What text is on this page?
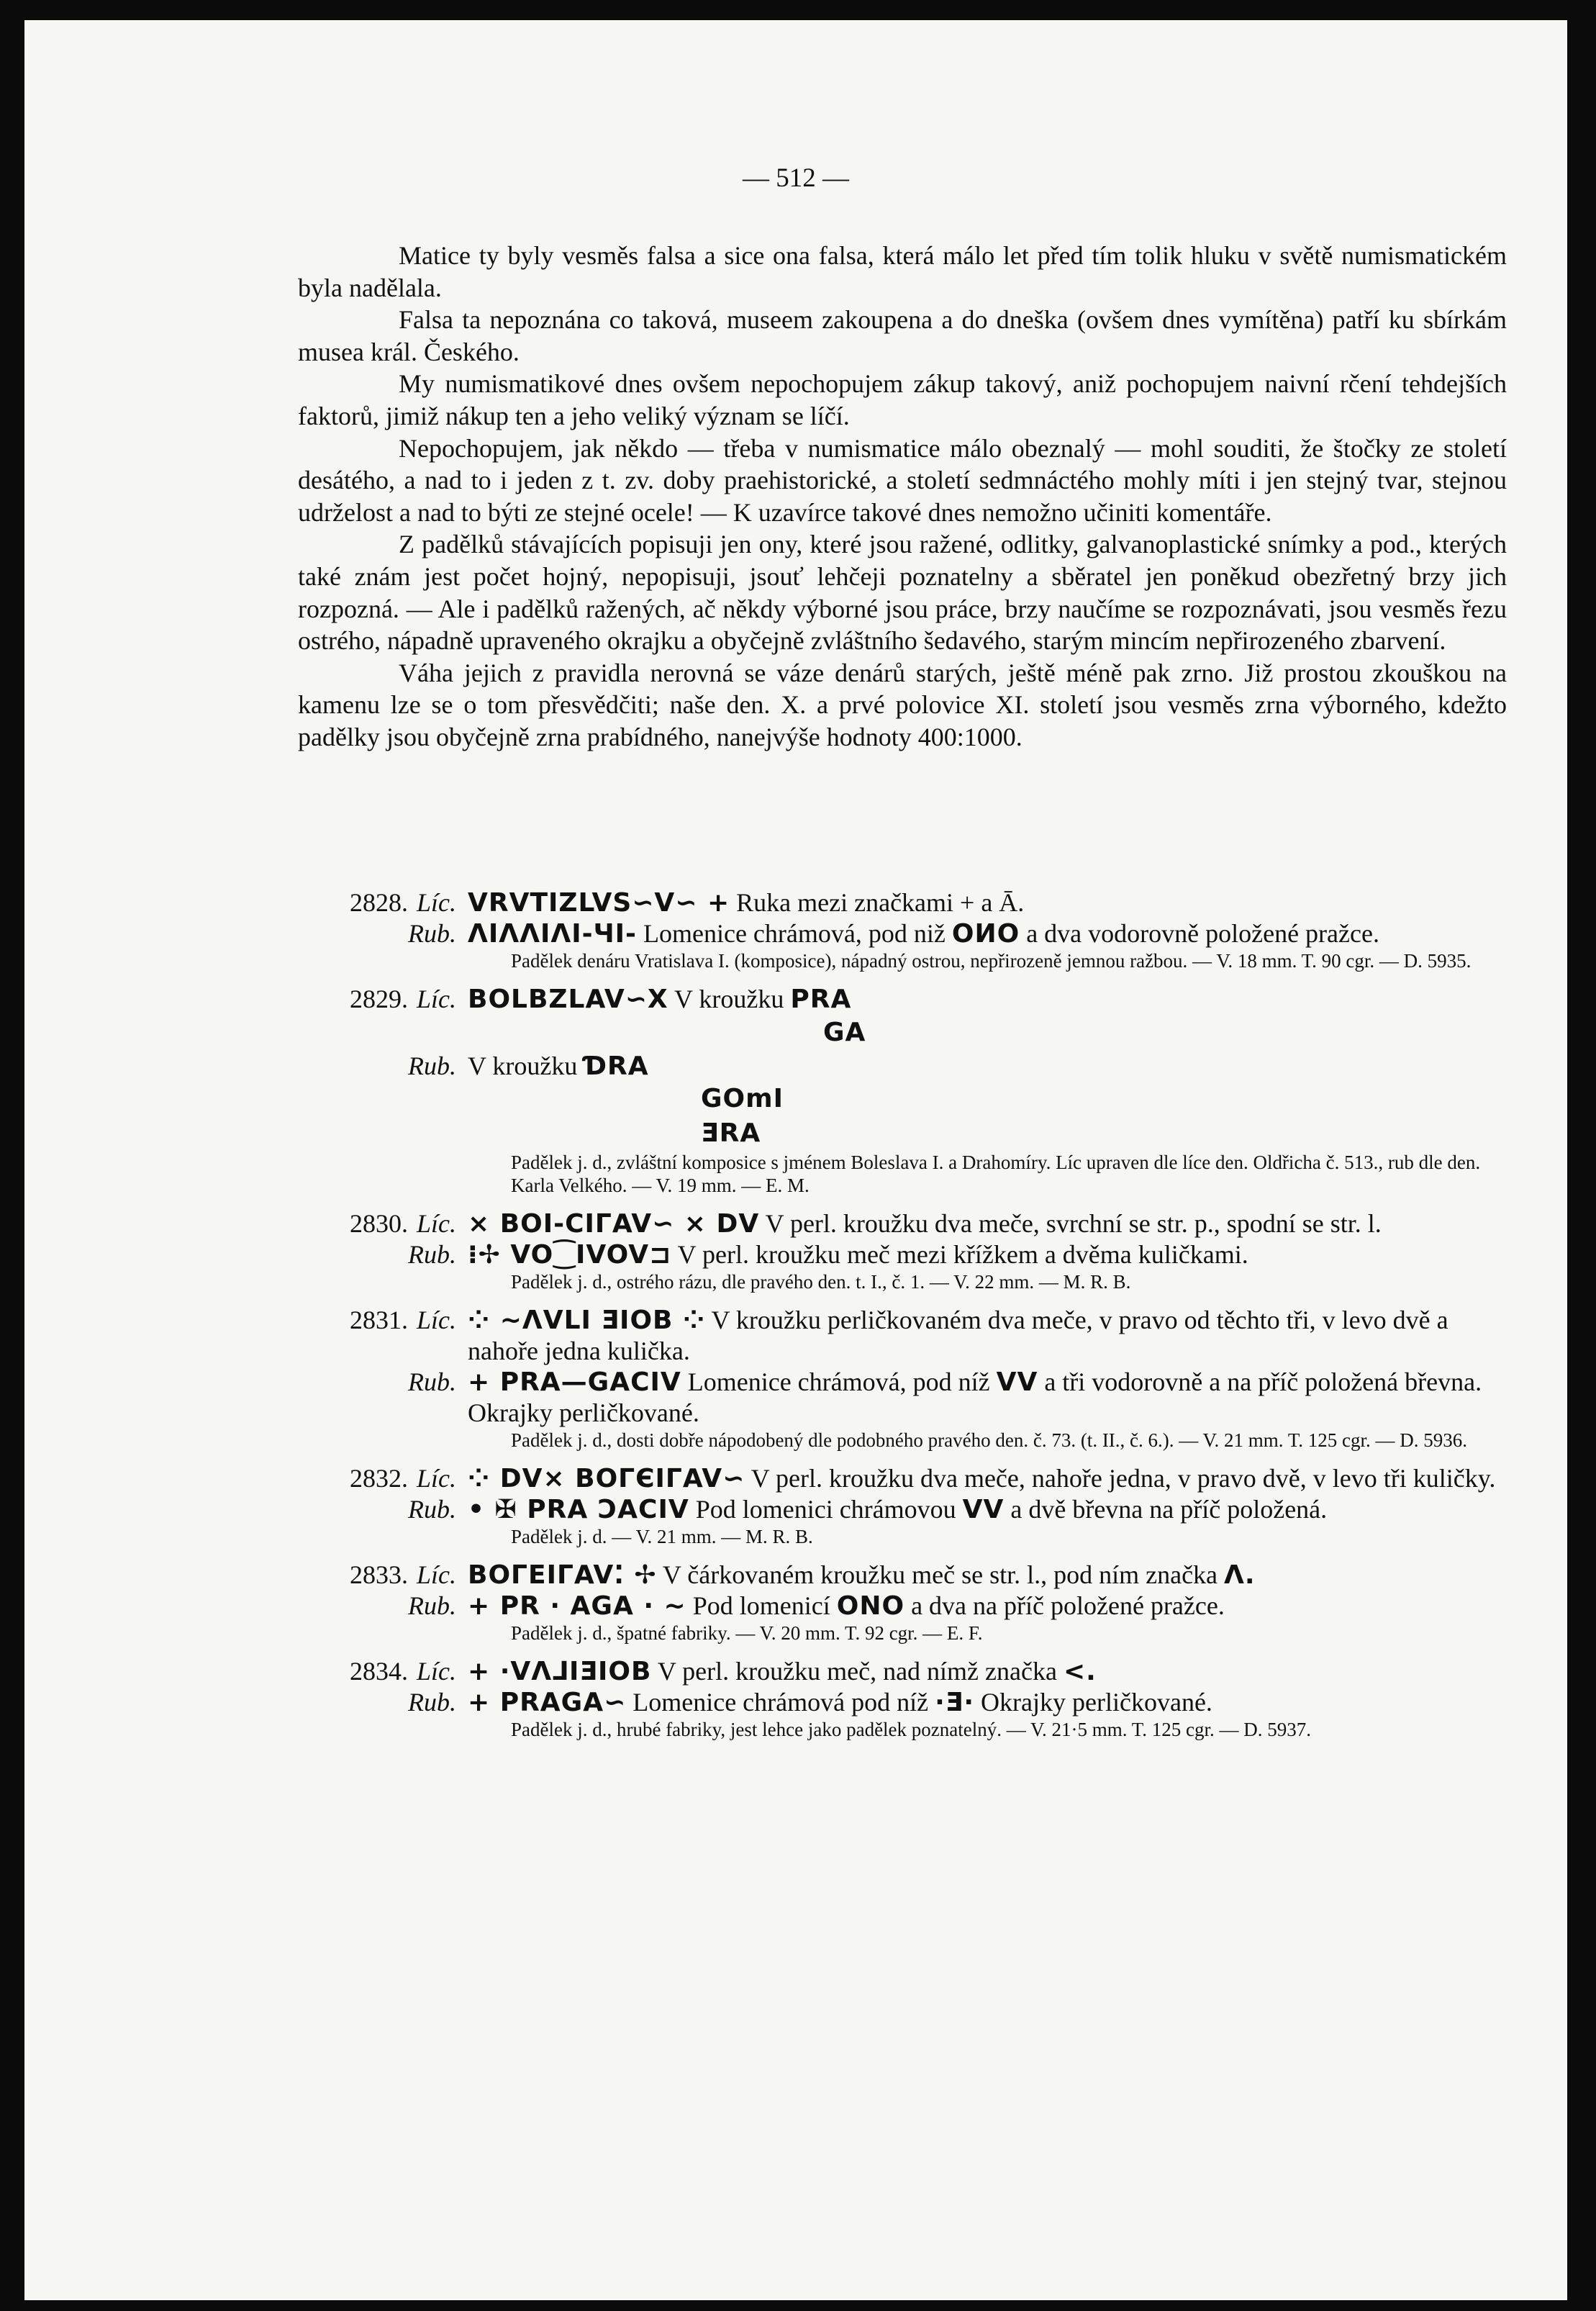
— 512 —

Matice ty byly vesměs falsa a sice ona falsa, která málo let před tím tolik hluku v světě numismatickém byla nadělala.

Falsa ta nepoznána co taková, museem zakoupena a do dneška (ovšem dnes vymítěna) patří ku sbírkám musea král. Českého.

My numismatikové dnes ovšem nepochopujem zákup takový, aniž pochopujem naivní rčení tehdejších faktorů, jimiž nákup ten a jeho veliký význam se líčí.

Nepochopujem, jak někdo — třeba v numismatice málo obeznalý — mohl souditi, že štočky ze století desátého, a nad to i jeden z t. zv. doby praehistorické, a století sedmnáctého mohly míti i jen stejný tvar, stejnou udrželost a nad to býti ze stejné ocele! — K uzavírce takové dnes nemožno učiniti komentáře.

Z padělků stávajících popisuji jen ony, které jsou ražené, odlitky, galvanoplastické snímky a pod., kterých také znám jest počet hojný, nepopisuji, jsouť lehčeji poznatelny a sběratel jen poněkud obezřetný brzy jich rozpozná. — Ale i padělků ražených, ač někdy výborné jsou práce, brzy naučíme se rozpoznávati, jsou vesměs řezu ostrého, nápadně upraveného okrajku a obyčejně zvláštního šedavého, starým mincím nepřirozeného zbarvení.

Váha jejich z pravidla nerovná se váze denárů starých, ještě méně pak zrno. Již prostou zkouškou na kamenu lze se o tom přesvědčiti; naše den. X. a prvé polovice XI. století jsou vesměs zrna výborného, kdežto padělky jsou obyčejně zrna prabídného, nanejvýše hodnoty 400:1000.

2828. Líc. VRVTIZLVS∽V∽ + Ruka mezi značkami + a Ā.
Rub. ΛIΛΛIΛΙ-ЧΙ- Lomenice chrámová, pod niž OИO a dva vodorovně položené pražce.
Padělek denáru Vratislava I. (komposice), nápadný ostrou, nepřirozeně jemnou ražbou. — V. 18 mm. T. 90 cgr. — D. 5935.
2829. Líc. BOLBZLAV∽X V kroužku PRA
GA
Rub. V kroužku ƊRA
GOmI
ƎRA
Padělek j. d., zvláštní komposice s jménem Boleslava I. a Drahomíry. Líc upraven dle líce den. Oldřicha č. 513., rub dle den. Karla Velkého. — V. 19 mm. — E. M.
2830. Líc. × BOI-CIΓAV∽ × DV V perl. kroužku dva meče, svrchní se str. p., spodní se str. l.
Rub. ⁝✢ VO⁐IVOV⊐ V perl. kroužku meč mezi křížkem a dvěma kuličkami.
Padělek j. d., ostrého rázu, dle pravého den. t. I., č. 1. — V. 22 mm. — M. R. B.
2831. Líc. ⁘ ~ΛVLI ƎΙOB ⁘ V kroužku perličkovaném dva meče, v pravo od těchto tři, v levo dvě a nahoře jedna kulička.
Rub. + PRA—GACIV Lomenice chrámová, pod níž VV a tři vodorovně a na příč položená břevna. Okrajky perličkované.
Padělek j. d., dosti dobře nápodobený dle podobného pravého den. č. 73. (t. II., č. 6.). — V. 21 mm. T. 125 cgr. — D. 5936.
2832. Líc. ⁘ DV× BOΓЄIΓAV∽ V perl. kroužku dva meče, nahoře jedna, v pravo dvě, v levo tři kuličky.
Rub. • ✠ PRA ƆACIV Pod lomenici chrámovou VV a dvě břevna na příč položená.
Padělek j. d. — V. 21 mm. — M. R. B.
2833. Líc. BOΓEIΓAV⁚ ✢ V čárkovaném kroužku meč se str. l., pod ním značka Λ.
Rub. + PR · AGA · ~ Pod lomenicí ONO a dva na příč položené pražce.
Padělek j. d., špatné fabriky. — V. 20 mm. T. 92 cgr. — E. F.
2834. Líc. + ·VΛ⅃IƎΙOB V perl. kroužku meč, nad nímž značka <.
Rub. + PRAGA∽ Lomenice chrámová pod níž ·Ǝ· Okrajky perličkované.
Padělek j. d., hrubé fabriky, jest lehce jako padělek poznatelný. — V. 21·5 mm. T. 125 cgr. — D. 5937.
